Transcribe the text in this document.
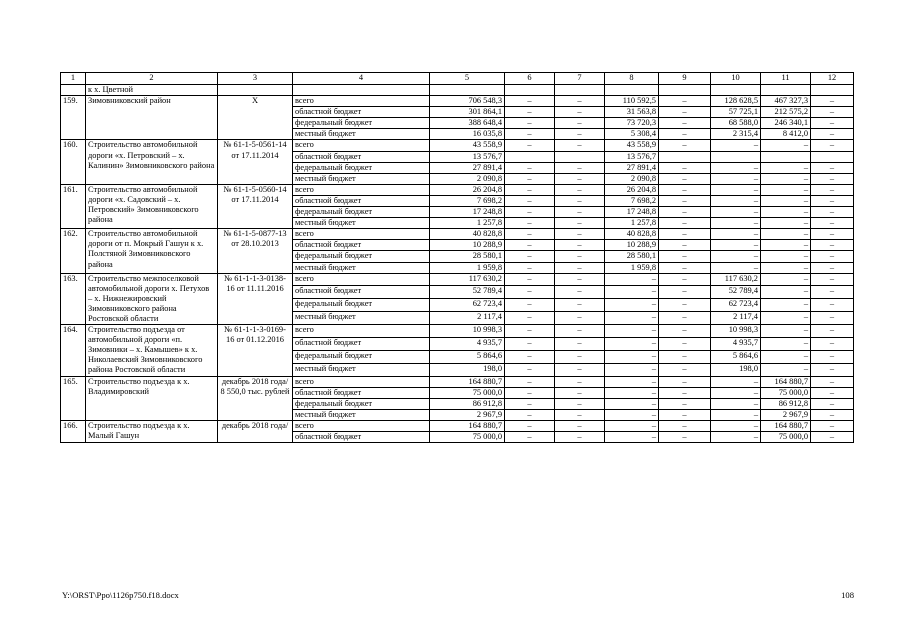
1	2	3	4	5	6	7	8	9	10	11	12
	к х. Цветной										
159.	Зимовниковский район	Х	всего	706 548,3	–	–	110 592,5	–	128 628,5	467 327,3	–
			областной бюджет	301 864,1	–	–	31 563,8	–	57 725,1	212 575,2	–
			федеральный бюджет	388 648,4	–	–	73 720,3	–	68 588,0	246 340,1	–
			местный бюджет	16 035,8	–	–	5 308,4	–	2 315,4	8 412,0	–
160.	Строительство автомобильной дороги «х. Петровский – х. Калинин» Зимовниковского района	№ 61-1-5-0561-14 от 17.11.2014	всего	43 558,9	–	–	43 558,9	–	–	–	–
			областной бюджет	13 576,7			13 576,7				
			федеральный бюджет	27 891,4	–	–	27 891,4	–	–	–	–
			местный бюджет	2 090,8	–	–	2 090,8	–	–	–	–
161.	Строительство автомобильной дороги «х. Садовский – х. Петровский» Зимовниковского района	№ 61-1-5-0560-14 от 17.11.2014	всего	26 204,8	–	–	26 204,8	–	–	–	–
			областной бюджет	7 698,2	–	–	7 698,2	–	–	–	–
			федеральный бюджет	17 248,8	–	–	17 248,8	–	–	–	–
			местный бюджет	1 257,8	–	–	1 257,8	–	–	–	–
162.	Строительство автомобильной дороги от п. Мокрый Гашун к х. Полстяной Зимовниковского района	№ 61-1-5-0877-13 от 28.10.2013	всего	40 828,8	–	–	40 828,8	–	–	–	–
			областной бюджет	10 288,9	–	–	10 288,9	–	–	–	–
			федеральный бюджет	28 580,1	–	–	28 580,1	–	–	–	–
			местный бюджет	1 959,8	–	–	1 959,8	–	–	–	–
163.	Строительство межпоселковой автомобильной дороги х. Петухов – х. Нижнежировский Зимовниковского района Ростовской области	№ 61-1-1-3-0138-16 от 11.11.2016	всего	117 630,2	–	–	–	–	117 630,2	–	–
			областной бюджет	52 789,4	–	–	–	–	52 789,4	–	–
			федеральный бюджет	62 723,4	–	–	–	–	62 723,4	–	–
			местный бюджет	2 117,4	–	–	–	–	2 117,4	–	–
164.	Строительство подъезда от автомобильной дороги «п. Зимовники – х. Камышев» к х. Николаевский Зимовниковского района Ростовской области	№ 61-1-1-3-0169-16 от 01.12.2016	всего	10 998,3	–	–	–	–	10 998,3	–	–
			областной бюджет	4 935,7	–	–	–	–	4 935,7	–	–
			федеральный бюджет	5 864,6	–	–	–	–	5 864,6	–	–
			местный бюджет	198,0	–	–	–	–	198,0	–	–
165.	Строительство подъезда к х. Владимировский	декабрь 2018 года/ 8 550,0 тыс. рублей	всего	164 880,7	–	–	–	–	–	164 880,7	–
			областной бюджет	75 000,0	–	–	–	–	–	75 000,0	–
			федеральный бюджет	86 912,8	–	–	–	–	–	86 912,8	–
			местный бюджет	2 967,9	–	–	–	–	–	2 967,9	–
166.	Строительство подъезда к х. Малый Гашун	декабрь 2018 года/	всего	164 880,7	–	–	–	–	–	164 880,7	–
			областной бюджет	75 000,0	–	–	–	–	–	75 000,0	–
Y:\ORST\Ppo\1126p750.f18.docx	108
